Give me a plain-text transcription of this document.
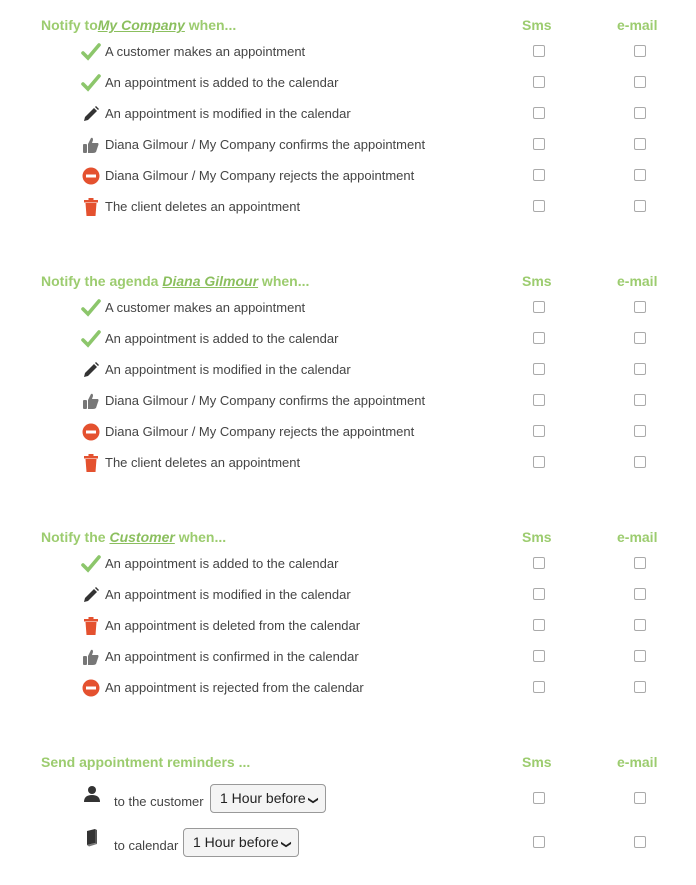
Notify toMy Company when...	Sms	e-mail
A customer makes an appointment
An appointment is added to the calendar
An appointment is modified in the calendar
Diana Gilmour / My Company confirms the appointment
Diana Gilmour / My Company rejects the appointment
The client deletes an appointment
Notify the agenda Diana Gilmour when...	Sms	e-mail
A customer makes an appointment
An appointment is added to the calendar
An appointment is modified in the calendar
Diana Gilmour / My Company confirms the appointment
Diana Gilmour / My Company rejects the appointment
The client deletes an appointment
Notify the Customer when...	Sms	e-mail
An appointment is added to the calendar
An appointment is modified in the calendar
An appointment is deleted from the calendar
An appointment is confirmed in the calendar
An appointment is rejected from the calendar
Send appointment reminders ...	Sms	e-mail
to the customer	1 Hour before ❯
to calendar	1 Hour before ❯
